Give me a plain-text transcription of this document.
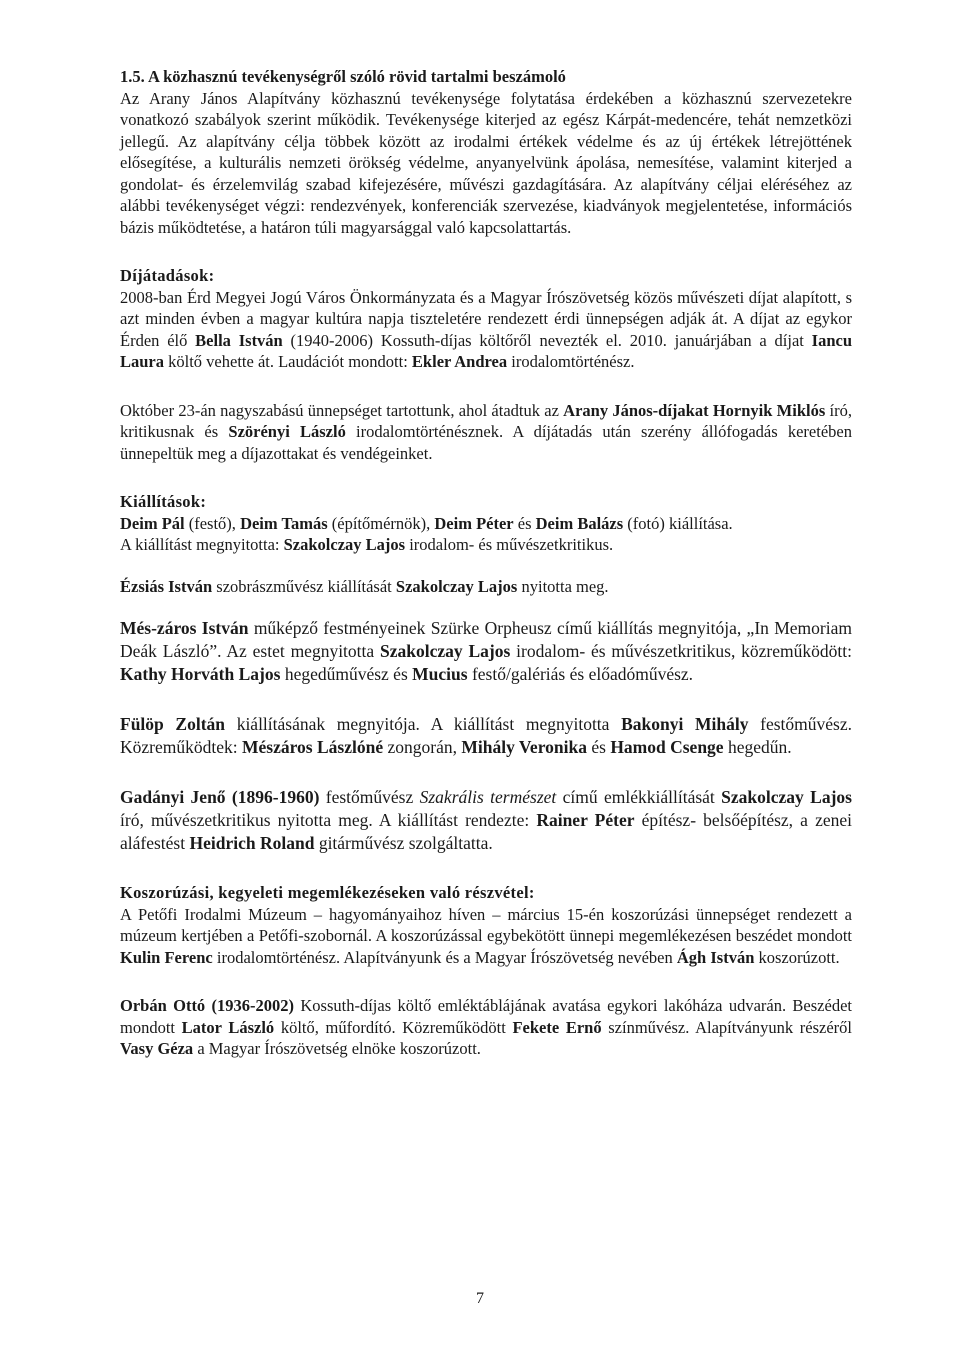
1.5. A közhasznú tevékenységről szóló rövid tartalmi beszámoló

Az Arany János Alapítvány közhasznú tevékenysége folytatása érdekében a közhasznú szervezetekre vonatkozó szabályok szerint működik. Tevékenysége kiterjed az egész Kárpát-medencére, tehát nemzetközi jellegű. Az alapítvány célja többek között az irodalmi értékek védelme és az új értékek létrejöttének elősegítése, a kulturális nemzeti örökség védelme, anyanyelvünk ápolása, nemesítése, valamint kiterjed a gondolat- és érzelemvilág szabad kifejezésére, művészi gazdagítására. Az alapítvány céljai eléréséhez az alábbi tevékenységet végzi: rendezvények, konferenciák szervezése, kiadványok megjelentetése, információs bázis működtetése, a határon túli magyarsággal való kapcsolattartás.

Díjátadások:

2008-ban Érd Megyei Jogú Város Önkormányzata és a Magyar Írószövetség közös művészeti díjat alapított, s azt minden évben a magyar kultúra napja tiszteletére rendezett érdi ünnepségen adják át. A díjat az egykor Érden élő Bella István (1940-2006) Kossuth-díjas költőről nevezték el. 2010. januárjában a díjat Iancu Laura költő vehette át. Laudációt mondott: Ekler Andrea irodalomtörténész.

Október 23-án nagyszabású ünnepséget tartottunk, ahol átadtuk az Arany János-díjakat Hornyik Miklós író, kritikusnak és Szörényi László irodalomtörténésznek. A díjátadás után szerény állófogadás keretében ünnepeltük meg a díjazottakat és vendégeinket.

Kiállítások:

Deim Pál (festő), Deim Tamás (építőmérnök), Deim Péter és Deim Balázs (fotó) kiállítása.
A kiállítást megnyitotta: Szakolczay Lajos irodalom- és művészetkritikus.

Ézsiás István szobrászművész kiállítását Szakolczay Lajos nyitotta meg.

Més-záros István műképző festményeinek Szürke Orpheusz című kiállítás megnyitója, „In Memoriam Deák László”. Az estet megnyitotta Szakolczay Lajos irodalom- és művészetkritikus, közreműködött: Kathy Horváth Lajos hegedűművész és Mucius festő/galériás és előadóművész.

Fülöp Zoltán kiállításának megnyitója. A kiállítást megnyitotta Bakonyi Mihály festőművész. Közreműködtek: Mészáros Lászlóné zongorán, Mihály Veronika és Hamod Csenge hegedűn.

Gadányi Jenő (1896-1960) festőművész Szakrális természet című emlékkiállítását Szakolczay Lajos író, művészetkritikus nyitotta meg. A kiállítást rendezte: Rainer Péter építész- belsőépítész, a zenei aláfestést Heidrich Roland gitárművész szolgáltatta.

Koszorúzási, kegyeleti megemlékezéseken való részvétel:

A Petőfi Irodalmi Múzeum – hagyományaihoz híven – március 15-én koszorúzási ünnepséget rendezett a múzeum kertjében a Petőfi-szobornál. A koszorúzással egybekötött ünnepi megemlékezésen beszédet mondott Kulin Ferenc irodalomtörténész. Alapítványunk és a Magyar Írószövetség nevében Ágh István koszorúzott.

Orbán Ottó (1936-2002) Kossuth-díjas költő emléktáblájának avatása egykori lakóháza udvarán. Beszédet mondott Lator László költő, műfordító. Közreműködött Fekete Ernő színművész. Alapítványunk részéről Vasy Géza a Magyar Írószövetség elnöke koszorúzott.

7
